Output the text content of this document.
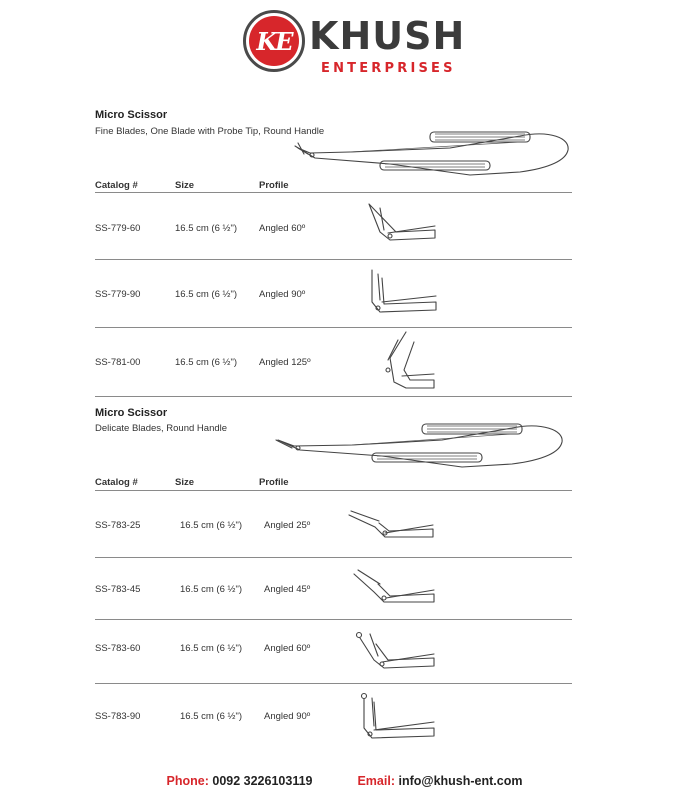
KE KHUSH
ENTERPRISES
Micro Scissor
Fine Blades, One Blade with Probe Tip, Round Handle
Catalog #	Size	Profile
SS-779-60	16.5 cm (6 ½") Angled 60º
SS-779-90	16.5 cm (6 ½") Angled 90º
SS-781-00	16.5 cm (6 ½") Angled 125º
Micro Scissor
Delicate Blades, Round Handle
Catalog #	Size	Profile
SS-783-25	16.5 cm (6 ½") Angled 25º
SS-783-45	16.5 cm (6 ½") Angled 45º
SS-783-60	16.5 cm (6 ½") Angled 60º
SS-783-90	16.5 cm (6 ½") Angled 90º
Phone: 0092 3226103119	Email: info@khush-ent.com
